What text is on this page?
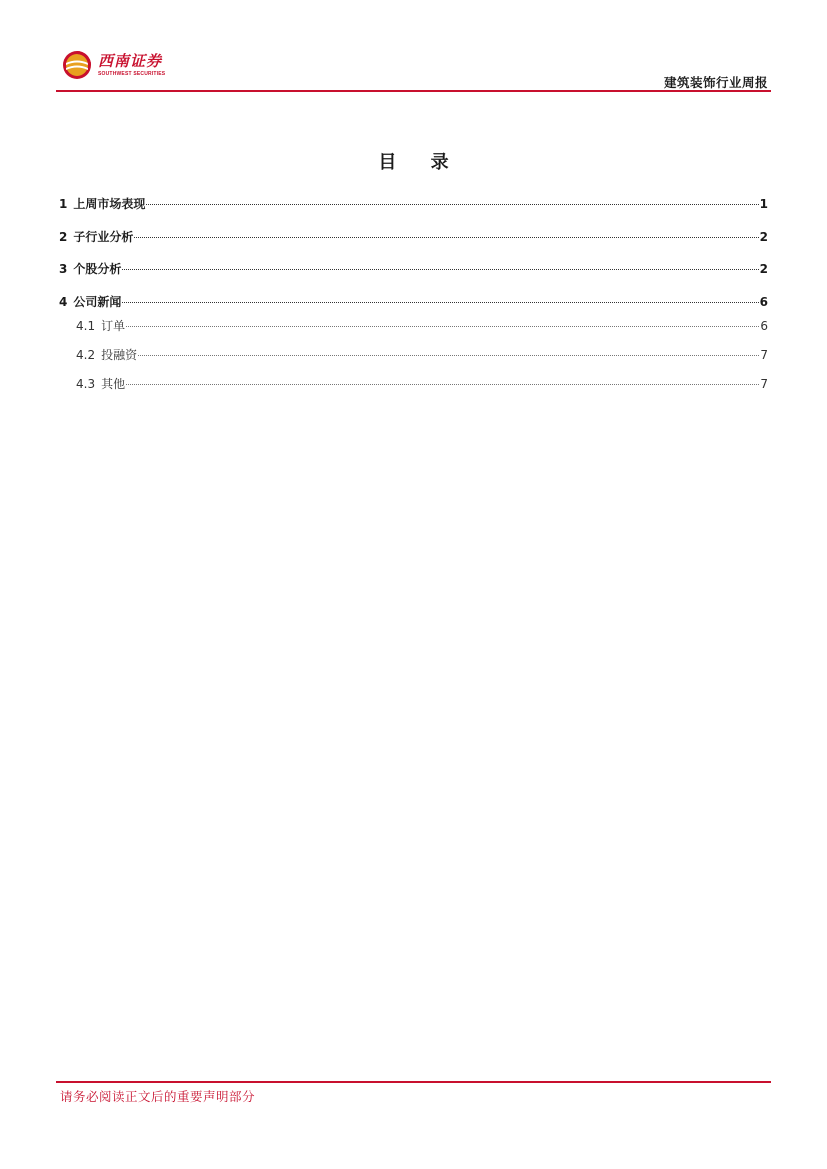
西南证券
SOUTHWEST SECURITIES
建筑装饰行业周报
目 录
1 上周市场表现	1
2 子行业分析	2
3 个股分析	2
4 公司新闻	6
4.1 订单	6
4.2 投融资	7
4.3 其他	7
请务必阅读正文后的重要声明部分
